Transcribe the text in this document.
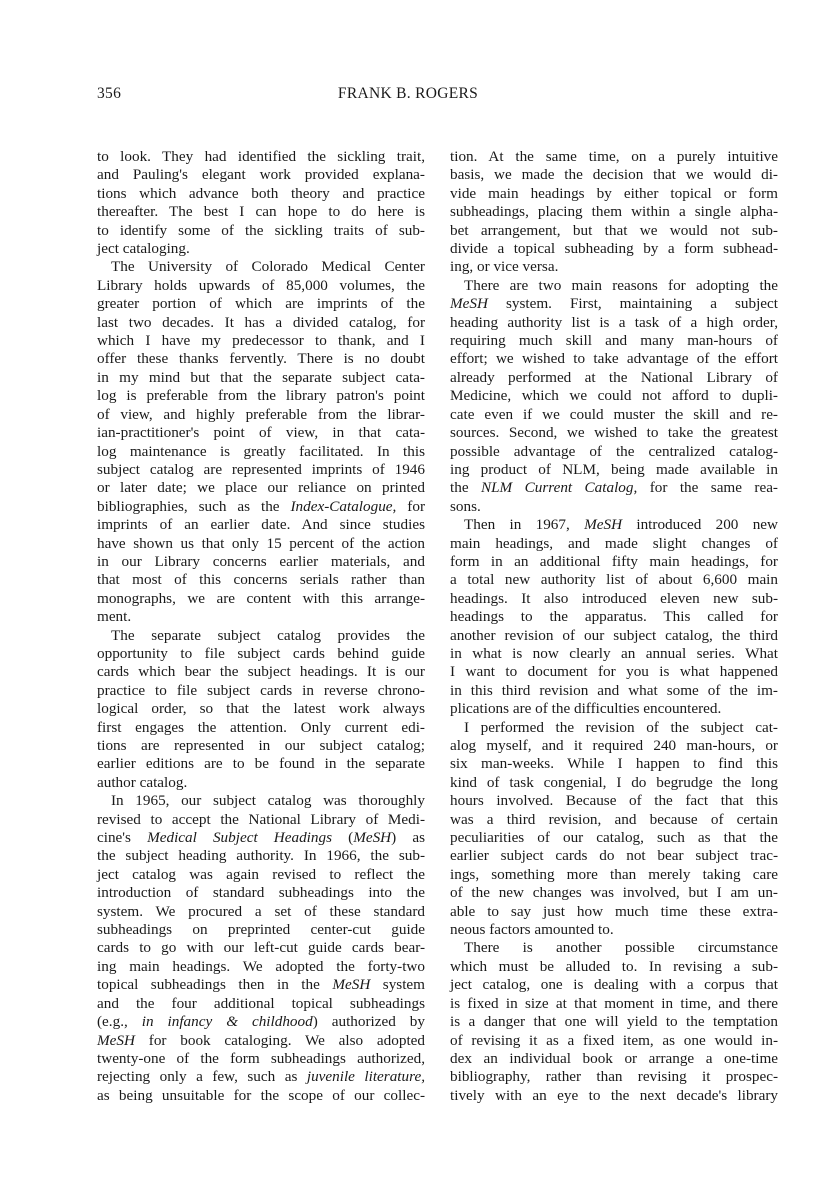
356	FRANK B. ROGERS
to look. They had identified the sickling trait,
and Pauling's elegant work provided explana-
tions which advance both theory and practice
thereafter. The best I can hope to do here is
to identify some of the sickling traits of sub-
ject cataloging.
The University of Colorado Medical Center
Library holds upwards of 85,000 volumes, the
greater portion of which are imprints of the
last two decades. It has a divided catalog, for
which I have my predecessor to thank, and I
offer these thanks fervently. There is no doubt
in my mind but that the separate subject cata-
log is preferable from the library patron's point
of view, and highly preferable from the librar-
ian-practitioner's point of view, in that cata-
log maintenance is greatly facilitated. In this
subject catalog are represented imprints of 1946
or later date; we place our reliance on printed
bibliographies, such as the Index-Catalogue, for
imprints of an earlier date. And since studies
have shown us that only 15 percent of the action
in our Library concerns earlier materials, and
that most of this concerns serials rather than
monographs, we are content with this arrange-
ment.
The separate subject catalog provides the
opportunity to file subject cards behind guide
cards which bear the subject headings. It is our
practice to file subject cards in reverse chrono-
logical order, so that the latest work always
first engages the attention. Only current edi-
tions are represented in our subject catalog;
earlier editions are to be found in the separate
author catalog.
In 1965, our subject catalog was thoroughly
revised to accept the National Library of Medi-
cine's Medical Subject Headings (MeSH) as
the subject heading authority. In 1966, the sub-
ject catalog was again revised to reflect the
introduction of standard subheadings into the
system. We procured a set of these standard
subheadings on preprinted center-cut guide
cards to go with our left-cut guide cards bear-
ing main headings. We adopted the forty-two
topical subheadings then in the MeSH system
and the four additional topical subheadings
(e.g., in infancy & childhood) authorized by
MeSH for book cataloging. We also adopted
twenty-one of the form subheadings authorized,
rejecting only a few, such as juvenile literature,
as being unsuitable for the scope of our collec-
tion. At the same time, on a purely intuitive
basis, we made the decision that we would di-
vide main headings by either topical or form
subheadings, placing them within a single alpha-
bet arrangement, but that we would not sub-
divide a topical subheading by a form subhead-
ing, or vice versa.
There are two main reasons for adopting the
MeSH system. First, maintaining a subject
heading authority list is a task of a high order,
requiring much skill and many man-hours of
effort; we wished to take advantage of the effort
already performed at the National Library of
Medicine, which we could not afford to dupli-
cate even if we could muster the skill and re-
sources. Second, we wished to take the greatest
possible advantage of the centralized catalog-
ing product of NLM, being made available in
the NLM Current Catalog, for the same rea-
sons.
Then in 1967, MeSH introduced 200 new
main headings, and made slight changes of
form in an additional fifty main headings, for
a total new authority list of about 6,600 main
headings. It also introduced eleven new sub-
headings to the apparatus. This called for
another revision of our subject catalog, the third
in what is now clearly an annual series. What
I want to document for you is what happened
in this third revision and what some of the im-
plications are of the difficulties encountered.
I performed the revision of the subject cat-
alog myself, and it required 240 man-hours, or
six man-weeks. While I happen to find this
kind of task congenial, I do begrudge the long
hours involved. Because of the fact that this
was a third revision, and because of certain
peculiarities of our catalog, such as that the
earlier subject cards do not bear subject trac-
ings, something more than merely taking care
of the new changes was involved, but I am un-
able to say just how much time these extra-
neous factors amounted to.
There is another possible circumstance
which must be alluded to. In revising a sub-
ject catalog, one is dealing with a corpus that
is fixed in size at that moment in time, and there
is a danger that one will yield to the temptation
of revising it as a fixed item, as one would in-
dex an individual book or arrange a one-time
bibliography, rather than revising it prospec-
tively with an eye to the next decade's library
